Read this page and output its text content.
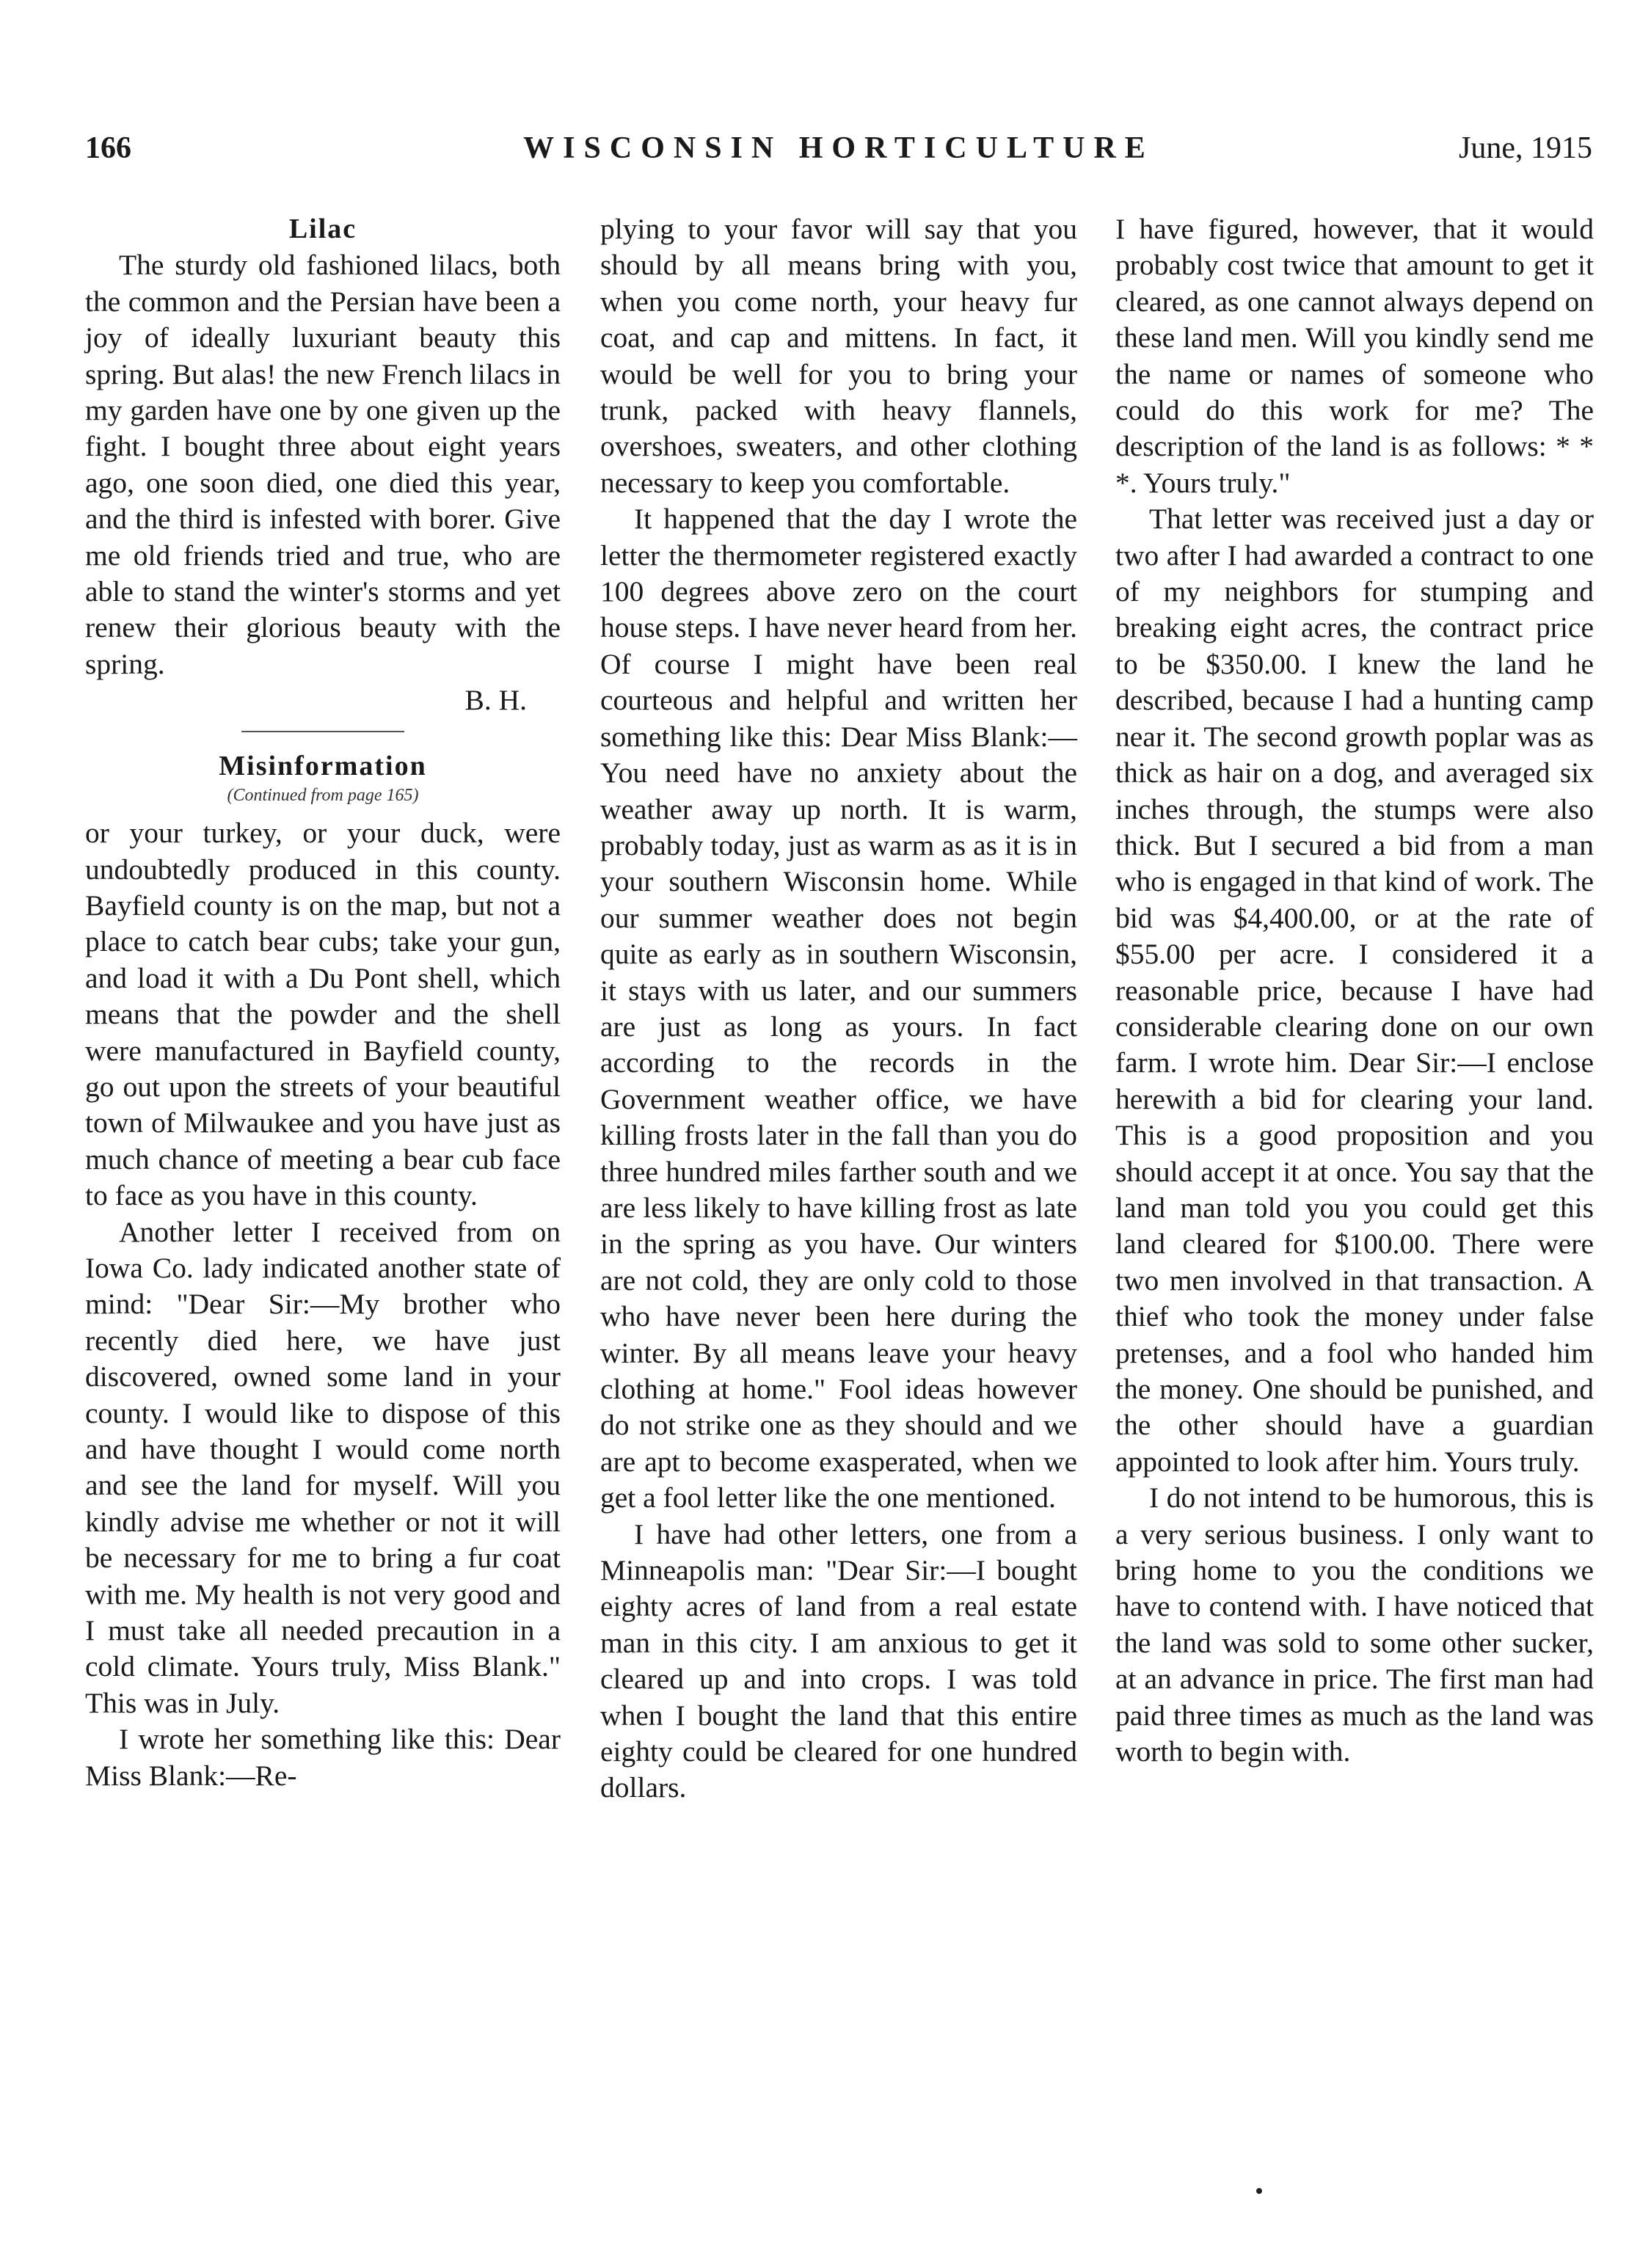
166	WISCONSIN HORTICULTURE	June, 1915
Lilac

The sturdy old fashioned lilacs, both the common and the Persian have been a joy of ideally luxuriant beauty this spring. But alas! the new French lilacs in my garden have one by one given up the fight. I bought three about eight years ago, one soon died, one died this year, and the third is infested with borer. Give me old friends tried and true, who are able to stand the winter's storms and yet renew their glorious beauty with the spring.

B. H.
Misinformation
(Continued from page 165)

or your turkey, or your duck, were undoubtedly produced in this county. Bayfield county is on the map, but not a place to catch bear cubs; take your gun, and load it with a Du Pont shell, which means that the powder and the shell were manufactured in Bayfield county, go out upon the streets of your beautiful town of Milwaukee and you have just as much chance of meeting a bear cub face to face as you have in this county.

Another letter I received from on Iowa Co. lady indicated another state of mind: "Dear Sir:—My brother who recently died here, we have just discovered, owned some land in your county. I would like to dispose of this and have thought I would come north and see the land for myself. Will you kindly advise me whether or not it will be necessary for me to bring a fur coat with me. My health is not very good and I must take all needed precaution in a cold climate. Yours truly, Miss Blank." This was in July.

I wrote her something like this: Dear Miss Blank:—Re-

plying to your favor will say that you should by all means bring with you, when you come north, your heavy fur coat, and cap and mittens. In fact, it would be well for you to bring your trunk, packed with heavy flannels, overshoes, sweaters, and other clothing necessary to keep you comfortable.

It happened that the day I wrote the letter the thermometer registered exactly 100 degrees above zero on the court house steps. I have never heard from her. Of course I might have been real courteous and helpful and written her something like this: Dear Miss Blank:—You need have no anxiety about the weather away up north. It is warm, probably today, just as warm as as it is in your southern Wisconsin home. While our summer weather does not begin quite as early as in southern Wisconsin, it stays with us later, and our summers are just as long as yours. In fact according to the records in the Government weather office, we have killing frosts later in the fall than you do three hundred miles farther south and we are less likely to have killing frost as late in the spring as you have. Our winters are not cold, they are only cold to those who have never been here during the winter. By all means leave your heavy clothing at home." Fool ideas however do not strike one as they should and we are apt to become exasperated, when we get a fool letter like the one mentioned.

I have had other letters, one from a Minneapolis man: "Dear Sir:—I bought eighty acres of land from a real estate man in this city. I am anxious to get it cleared up and into crops. I was told when I bought the land that this entire eighty could be cleared for one hundred dollars.

I have figured, however, that it would probably cost twice that amount to get it cleared, as one cannot always depend on these land men. Will you kindly send me the name or names of someone who could do this work for me? The description of the land is as follows: * * *. Yours truly."

That letter was received just a day or two after I had awarded a contract to one of my neighbors for stumping and breaking eight acres, the contract price to be $350.00. I knew the land he described, because I had a hunting camp near it. The second growth poplar was as thick as hair on a dog, and averaged six inches through, the stumps were also thick. But I secured a bid from a man who is engaged in that kind of work. The bid was $4,400.00, or at the rate of $55.00 per acre. I considered it a reasonable price, because I have had considerable clearing done on our own farm. I wrote him. Dear Sir:—I enclose herewith a bid for clearing your land. This is a good proposition and you should accept it at once. You say that the land man told you you could get this land cleared for $100.00. There were two men involved in that transaction. A thief who took the money under false pretenses, and a fool who handed him the money. One should be punished, and the other should have a guardian appointed to look after him. Yours truly.

I do not intend to be humorous, this is a very serious business. I only want to bring home to you the conditions we have to contend with. I have noticed that the land was sold to some other sucker, at an advance in price. The first man had paid three times as much as the land was worth to begin with.
